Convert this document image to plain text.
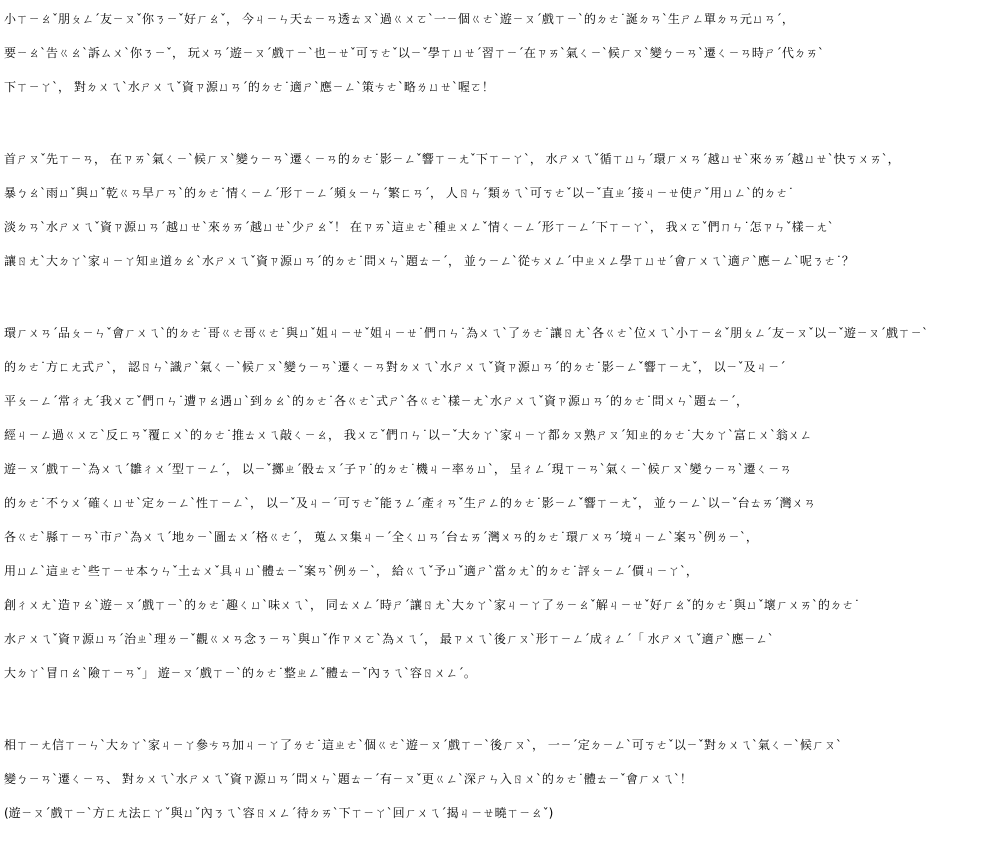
小ㄒㄧㄠˇ朋ㄆㄥˊ友ㄧㄡˇ你ㄋㄧˇ好ㄏㄠˇ， 今ㄐㄧㄣ天ㄊㄧㄢ透ㄊㄡˋ過ㄍㄨㄛˋ一ㄧ個ㄍㄜˋ遊ㄧㄡˊ戲ㄒㄧˋ的ㄉㄜ˙誕ㄉㄢˋ生ㄕㄥ單ㄉㄢ元ㄩㄢˊ，
要ㄧㄠˋ告ㄍㄠˋ訴ㄙㄨˋ你ㄋㄧˇ， 玩ㄨㄢˊ遊ㄧㄡˊ戲ㄒㄧˋ也ㄧㄝˇ可ㄎㄜˇ以ㄧˇ學ㄒㄩㄝˊ習ㄒㄧˊ在ㄗㄞˋ氣ㄑㄧˋ候ㄏㄡˋ變ㄅㄧㄢˋ遷ㄑㄧㄢ時ㄕˊ代ㄉㄞˋ
下ㄒㄧㄚˋ， 對ㄉㄨㄟˋ水ㄕㄨㄟˇ資ㄗ源ㄩㄢˊ的ㄉㄜ˙適ㄕˋ應ㄧㄥˋ策ㄘㄜˋ略ㄌㄩㄝˋ喔ㄛ！
首ㄕㄡˇ先ㄒㄧㄢ， 在ㄗㄞˋ氣ㄑㄧˋ候ㄏㄡˋ變ㄅㄧㄢˋ遷ㄑㄧㄢ的ㄉㄜ˙影ㄧㄥˇ響ㄒㄧㄤˇ下ㄒㄧㄚˋ， 水ㄕㄨㄟˇ循ㄒㄩㄣˊ環ㄏㄨㄢˊ越ㄩㄝˋ來ㄌㄞˊ越ㄩㄝˋ快ㄎㄨㄞˋ，
暴ㄅㄠˋ雨ㄩˇ與ㄩˇ乾ㄍㄢ旱ㄏㄢˋ的ㄉㄜ˙情ㄑㄧㄥˊ形ㄒㄧㄥˊ頻ㄆㄧㄣˊ繁ㄈㄢˊ， 人ㄖㄣˊ類ㄌㄟˋ可ㄎㄜˇ以ㄧˇ直ㄓˊ接ㄐㄧㄝ使ㄕˇ用ㄩㄥˋ的ㄉㄜ˙
淡ㄉㄢˋ水ㄕㄨㄟˇ資ㄗ源ㄩㄢˊ越ㄩㄝˋ來ㄌㄞˊ越ㄩㄝˋ少ㄕㄠˇ！ 在ㄗㄞˋ這ㄓㄜˋ種ㄓㄨㄥˇ情ㄑㄧㄥˊ形ㄒㄧㄥˊ下ㄒㄧㄚˋ， 我ㄨㄛˇ們ㄇㄣ˙怎ㄗㄣˇ樣ㄧㄤˋ
讓ㄖㄤˋ大ㄉㄚˋ家ㄐㄧㄚ知ㄓ道ㄉㄠˋ水ㄕㄨㄟˇ資ㄗ源ㄩㄢˊ的ㄉㄜ˙問ㄨㄣˋ題ㄊㄧˊ， 並ㄅㄧㄥˋ從ㄘㄨㄥˊ中ㄓㄨㄥ學ㄒㄩㄝˊ會ㄏㄨㄟˋ適ㄕˋ應ㄧㄥˋ呢ㄋㄜ˙？
環ㄏㄨㄢˊ品ㄆㄧㄣˇ會ㄏㄨㄟˋ的ㄉㄜ˙哥ㄍㄜ哥ㄍㄜ˙與ㄩˇ姐ㄐㄧㄝˇ姐ㄐㄧㄝ˙們ㄇㄣ˙為ㄨㄟˋ了ㄌㄜ˙讓ㄖㄤˋ各ㄍㄜˋ位ㄨㄟˋ小ㄒㄧㄠˇ朋ㄆㄥˊ友ㄧㄡˇ以ㄧˇ遊ㄧㄡˊ戲ㄒㄧˋ
的ㄉㄜ˙方ㄈㄤ式ㄕˋ， 認ㄖㄣˋ識ㄕˋ氣ㄑㄧˋ候ㄏㄡˋ變ㄅㄧㄢˋ遷ㄑㄧㄢ對ㄉㄨㄟˋ水ㄕㄨㄟˇ資ㄗ源ㄩㄢˊ的ㄉㄜ˙影ㄧㄥˇ響ㄒㄧㄤˇ， 以ㄧˇ及ㄐㄧˊ
平ㄆㄧㄥˊ常ㄔㄤˊ我ㄨㄛˇ們ㄇㄣ˙遭ㄗㄠ遇ㄩˋ到ㄉㄠˋ的ㄉㄜ˙各ㄍㄜˋ式ㄕˋ各ㄍㄜˋ樣ㄧㄤˋ水ㄕㄨㄟˇ資ㄗ源ㄩㄢˊ的ㄉㄜ˙問ㄨㄣˋ題ㄊㄧˊ，
經ㄐㄧㄥ過ㄍㄨㄛˋ反ㄈㄢˇ覆ㄈㄨˋ的ㄉㄜ˙推ㄊㄨㄟ敲ㄑㄧㄠ， 我ㄨㄛˇ們ㄇㄣ˙以ㄧˇ大ㄉㄚˋ家ㄐㄧㄚ都ㄉㄡ熟ㄕㄡˊ知ㄓ的ㄉㄜ˙大ㄉㄚˋ富ㄈㄨˋ翁ㄨㄥ
遊ㄧㄡˊ戲ㄒㄧˋ為ㄨㄟˊ雛ㄔㄨˊ型ㄒㄧㄥˊ， 以ㄧˇ擲ㄓˊ骰ㄊㄡˊ子ㄗ˙的ㄉㄜ˙機ㄐㄧ率ㄌㄩˋ， 呈ㄔㄥˊ現ㄒㄧㄢˋ氣ㄑㄧˋ候ㄏㄡˋ變ㄅㄧㄢˋ遷ㄑㄧㄢ
的ㄉㄜ˙不ㄅㄨˊ確ㄑㄩㄝˋ定ㄉㄧㄥˋ性ㄒㄧㄥˋ， 以ㄧˇ及ㄐㄧˊ可ㄎㄜˇ能ㄋㄥˊ產ㄔㄢˇ生ㄕㄥ的ㄉㄜ˙影ㄧㄥˇ響ㄒㄧㄤˇ， 並ㄅㄧㄥˋ以ㄧˇ台ㄊㄞˊ灣ㄨㄢ
各ㄍㄜˋ縣ㄒㄧㄢˋ市ㄕˋ為ㄨㄟˊ地ㄉㄧˋ圖ㄊㄨˊ格ㄍㄜˊ， 蒐ㄙㄡ集ㄐㄧˊ全ㄑㄩㄢˊ台ㄊㄞˊ灣ㄨㄢ的ㄉㄜ˙環ㄏㄨㄢˊ境ㄐㄧㄥˋ案ㄢˋ例ㄌㄧˋ，
用ㄩㄥˋ這ㄓㄜˋ些ㄒㄧㄝ本ㄅㄣˇ土ㄊㄨˇ具ㄐㄩˋ體ㄊㄧˇ案ㄢˋ例ㄌㄧˋ， 給ㄍㄟˇ予ㄩˇ適ㄕˋ當ㄉㄤˋ的ㄉㄜ˙評ㄆㄧㄥˊ價ㄐㄧㄚˋ，
創ㄔㄨㄤˋ造ㄗㄠˋ遊ㄧㄡˊ戲ㄒㄧˋ的ㄉㄜ˙趣ㄑㄩˋ味ㄨㄟˋ， 同ㄊㄨㄥˊ時ㄕˊ讓ㄖㄤˋ大ㄉㄚˋ家ㄐㄧㄚ了ㄌㄧㄠˇ解ㄐㄧㄝˇ好ㄏㄠˇ的ㄉㄜ˙與ㄩˇ壞ㄏㄨㄞˋ的ㄉㄜ˙
水ㄕㄨㄟˇ資ㄗ源ㄩㄢˊ治ㄓˋ理ㄌㄧˇ觀ㄍㄨㄢ念ㄋㄧㄢˋ與ㄩˇ作ㄗㄨㄛˋ為ㄨㄟˊ， 最ㄗㄨㄟˋ後ㄏㄡˋ形ㄒㄧㄥˊ成ㄔㄥˊ「 水ㄕㄨㄟˇ適ㄕˋ應ㄧㄥˋ
大ㄉㄚˋ冒ㄇㄠˋ險ㄒㄧㄢˇ」 遊ㄧㄡˊ戲ㄒㄧˋ的ㄉㄜ˙整ㄓㄥˇ體ㄊㄧˇ內ㄋㄟˋ容ㄖㄨㄥˊ。
相ㄒㄧㄤ信ㄒㄧㄣˋ大ㄉㄚˋ家ㄐㄧㄚ參ㄘㄢ加ㄐㄧㄚ了ㄌㄜ˙這ㄓㄜˋ個ㄍㄜˋ遊ㄧㄡˊ戲ㄒㄧˋ後ㄏㄡˋ， 一ㄧˊ定ㄉㄧㄥˋ可ㄎㄜˇ以ㄧˇ對ㄉㄨㄟˋ氣ㄑㄧˋ候ㄏㄡˋ
變ㄅㄧㄢˋ遷ㄑㄧㄢ、 對ㄉㄨㄟˋ水ㄕㄨㄟˇ資ㄗ源ㄩㄢˊ問ㄨㄣˋ題ㄊㄧˊ有ㄧㄡˇ更ㄍㄥˋ深ㄕㄣ入ㄖㄨˋ的ㄉㄜ˙體ㄊㄧˇ會ㄏㄨㄟˋ！
(遊ㄧㄡˊ戲ㄒㄧˋ方ㄈㄤ法ㄈㄚˇ與ㄩˇ內ㄋㄟˋ容ㄖㄨㄥˊ待ㄉㄞˋ下ㄒㄧㄚˋ回ㄏㄨㄟˊ揭ㄐㄧㄝ曉ㄒㄧㄠˇ)
